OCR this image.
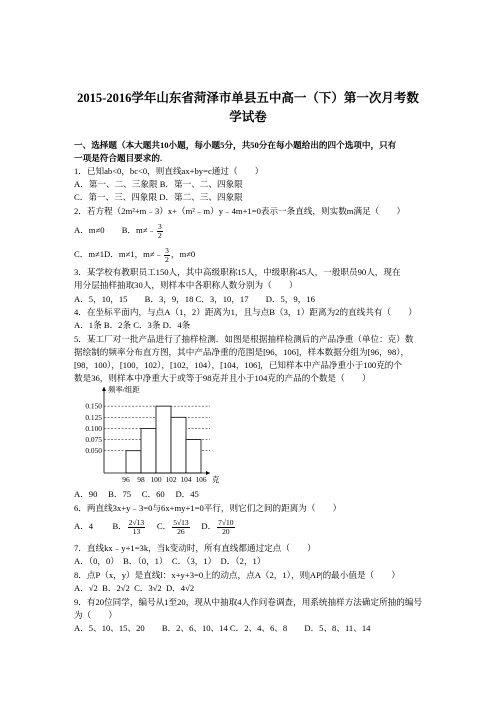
2015-2016学年山东省菏泽市单县五中高一（下）第一次月考数
学试卷
一、选择题（本大题共10小题，每小题5分，共50分在每小题给出的四个选项中，只有
一项是符合题目要求的.
1．已知ab<0，bc<0，则直线ax+by=c通过（　　）
A．第一、二、三象限 B．第一、二、四象限
C．第一、三、四象限 D．第二、三、四象限
2．若方程（2m²+m﹣3）x+（m²﹣m）y﹣4m+1=0表示一条直线，则实数m满足（　　）
A．m≠0   B．m≠﹣ $\frac{3}{2}$
C．m≠1D．m≠1，m≠﹣ $\frac{3}{2}$ ，m≠0
3．某学校有教职员工150人，其中高级职称15人，中级职称45人，一般职员90人，现在
用分层抽样抽取30人，则样本中各职称人数分别为（　　）
A．5，10，15　　B．3，9，18 C．3，10，17　　D．5，9，16
4．在坐标平面内，与点A（1，2）距离为1，且与点B（3，1）距离为2的直线共有（　　）
A．1条 B．2条 C．3条 D．4条
5．某工厂对一批产品进行了抽样检测．如图是根据抽样检测后的产品净重（单位：克）数
据绘制的频率分布直方图，其中产品净重的范围是[96，106]，样本数据分组为[96，98），
[98，100），[100，102），[102，104），[104，106]，已知样本中产品净重小于100克的个
数是36，则样本中净重大于或等于98克并且小于104克的产品的个数是（　　）
0.050
0.075
0.100
0.125
0.150
96 98 100 102 104 106
频率/组距
克
A．90　 B．75　 C．60　 D．45
6．两直线3x+y﹣3=0与6x+my+1=0平行，则它们之间的距离为（　　）
A．4   B． $\frac{2√13}{13}$
  C． $\frac{5√13}{26}$
  D． $\frac{7√10}{20}$
7．直线kx﹣y+1=3k，当k变动时，所有直线都通过定点（　　）
A．（0，0）　B．（0，1）　C．（3，1）　D．（2，1）
8．点P（x，y）是直线l：x+y+3=0上的动点，点A（2，1），则|AP|的最小值是（　　）
A．√2  B．2√2  C．3√2  D．4√2
9．有20位同学，编号从1至20，现从中抽取4人作问卷调查，用系统抽样方法确定所抽的编号
为（　　）
A．5、10、15、20　　B．2、6、10、14 C．2、4、6、8　　D．5、8、11、14
